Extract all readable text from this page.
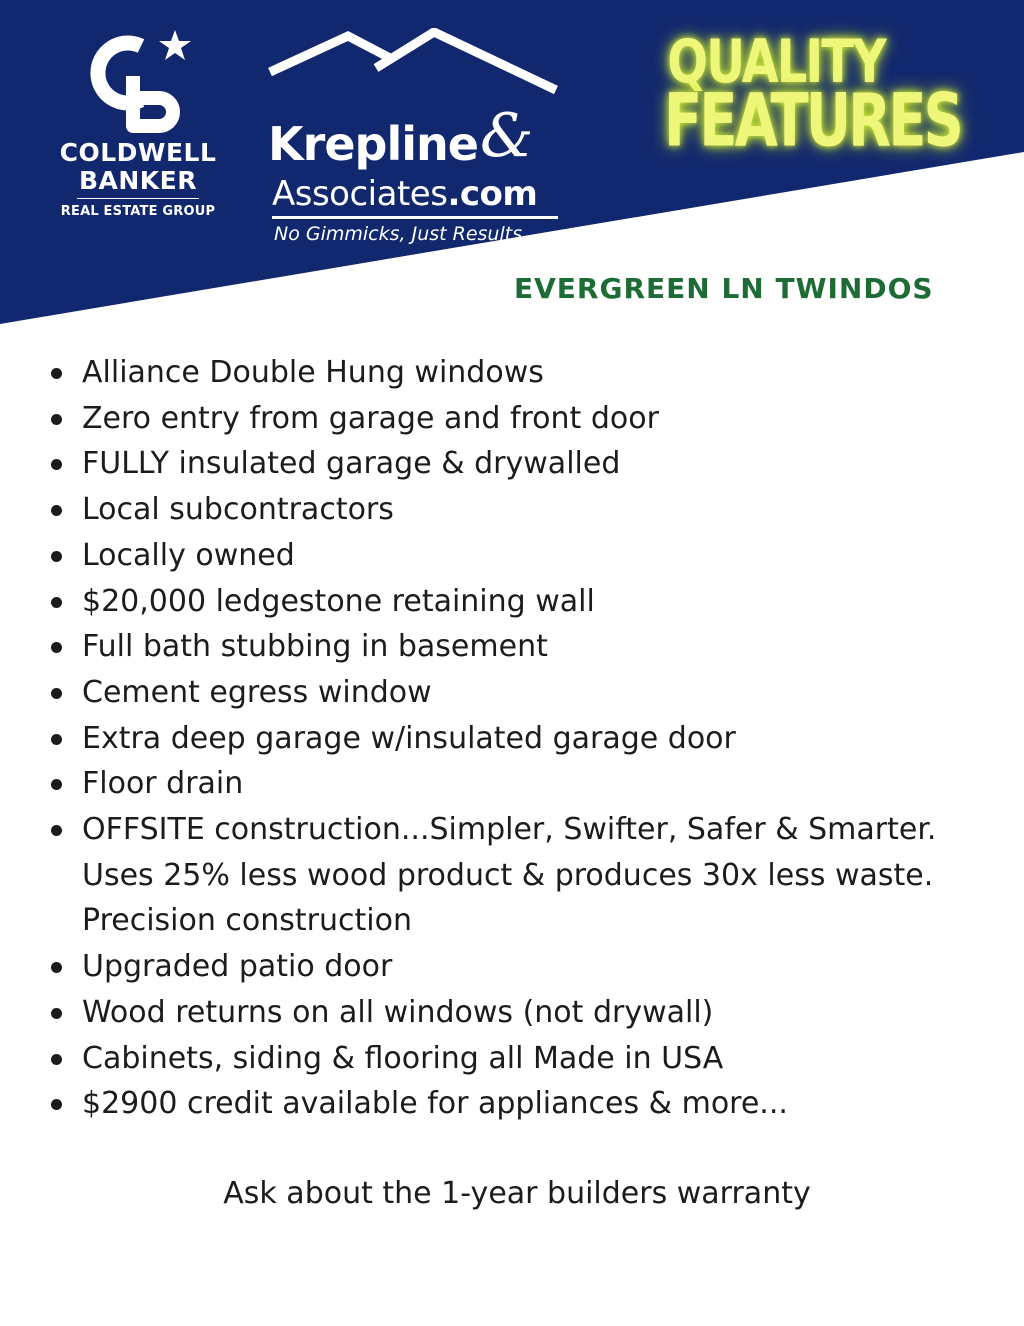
COLDWELL
BANKER
REAL ESTATE GROUP
Krepline &
Associates.com
No Gimmicks, Just Results...
QUALITY
FEATURES
EVERGREEN LN TWINDOS
Alliance Double Hung windows
Zero entry from garage and front door
FULLY insulated garage & drywalled
Local subcontractors
Locally owned
$20,000 ledgestone retaining wall
Full bath stubbing in basement
Cement egress window
Extra deep garage w/insulated garage door
Floor drain
OFFSITE construction...Simpler, Swifter, Safer & Smarter.
Uses 25% less wood product & produces 30x less waste.
Precision construction
Upgraded patio door
Wood returns on all windows (not drywall)
Cabinets, siding & flooring all Made in USA
$2900 credit available for appliances & more...
Ask about the 1-year builders warranty
